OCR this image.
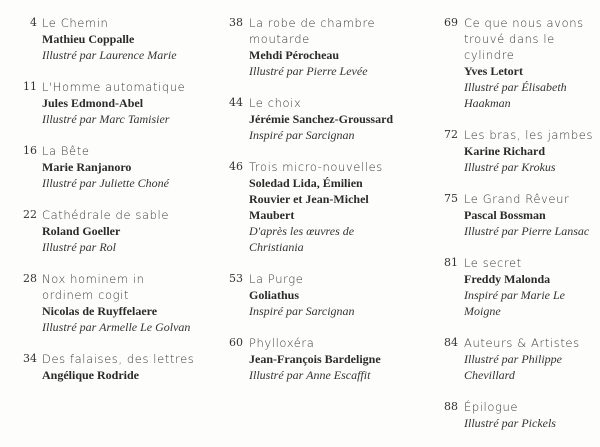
4 Le Chemin
Mathieu Coppalle
Illustré par Laurence Marie
11 L'Homme automatique
Jules Edmond-Abel
Illustré par Marc Tamisier
16 La Bête
Marie Ranjanoro
Illustré par Juliette Choné
22 Cathédrale de sable
Roland Goeller
Illustré par Rol
28 Nox hominem in ordinem cogit
Nicolas de Ruyffelaere
Illustré par Armelle Le Golvan
34 Des falaises, des lettres
Angélique Rodride
38 La robe de chambre moutarde
Mehdi Pérocheau
Illustré par Pierre Levée
44 Le choix
Jérémie Sanchez-Groussard
Inspiré par Sarcignan
46 Trois micro-nouvelles
Soledad Lida, Émilien Rouvier et Jean-Michel Maubert
D'après les œuvres de Christiania
53 La Purge
Goliathus
Inspiré par Sarcignan
60 Phylloxéra
Jean-François Bardeligne
Illustré par Anne Escaffit
69 Ce que nous avons trouvé dans le cylindre
Yves Letort
Illustré par Élisabeth Haakman
72 Les bras, les jambes
Karine Richard
Illustré par Krokus
75 Le Grand Rêveur
Pascal Bossman
Illustré par Pierre Lansac
81 Le secret
Freddy Malonda
Inspiré par Marie Le Moigne
84 Auteurs & Artistes
Illustré par Philippe Chevillard
88 Épilogue
Illustré par Pickels
